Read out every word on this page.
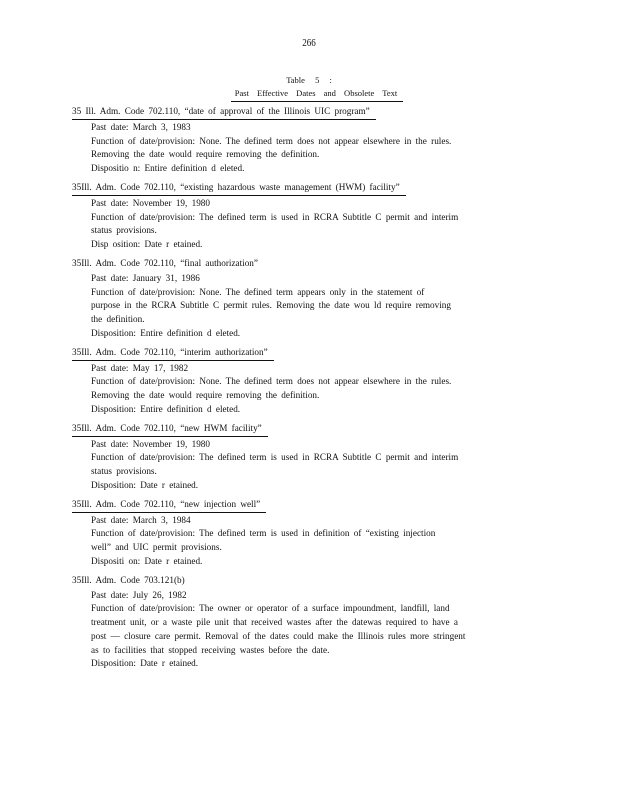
266
Table 5 :
Past Effective Dates and Obsolete Text
35 Ill. Adm. Code 702.110, “date of approval of the Illinois UIC program”
Past date: March 3, 1983
Function of date/provision: None. The defined term does not appear elsewhere in the rules.
Removing the date would require removing the definition.
Dispositio n: Entire definition d eleted.
35Ill. Adm. Code 702.110, “existing hazardous waste management (HWM) facility”
Past date: November 19, 1980
Function of date/provision: The defined term is used in RCRA Subtitle C permit and interim
status provisions.
Disp osition: Date r etained.
35Ill. Adm. Code 702.110, “final authorization”
Past date: January 31, 1986
Function of date/provision: None. The defined term appears only in the statement of
purpose in the RCRA Subtitle C permit rules. Removing the date wou ld require removing
the definition.
Disposition: Entire definition d eleted.
35Ill. Adm. Code 702.110, “interim authorization”
Past date: May 17, 1982
Function of date/provision: None. The defined term does not appear elsewhere in the rules.
Removing the date would require removing the definition.
Disposition: Entire definition d eleted.
35Ill. Adm. Code 702.110, “new HWM facility”
Past date: November 19, 1980
Function of date/provision: The defined term is used in RCRA Subtitle C permit and interim
status provisions.
Disposition: Date r etained.
35Ill. Adm. Code 702.110, “new injection well”
Past date: March 3, 1984
Function of date/provision: The defined term is used in definition of “existing injection
well” and UIC permit provisions.
Dispositi on: Date r etained.
35Ill. Adm. Code 703.121(b)
Past date: July 26, 1982
Function of date/provision: The owner or operator of a surface impoundment, landfill, land
treatment unit, or a waste pile unit that received wastes after the datewas required to have a
post — closure care permit. Removal of the dates could make the Illinois rules more stringent
as to facilities that stopped receiving wastes before the date.
Disposition: Date r etained.
